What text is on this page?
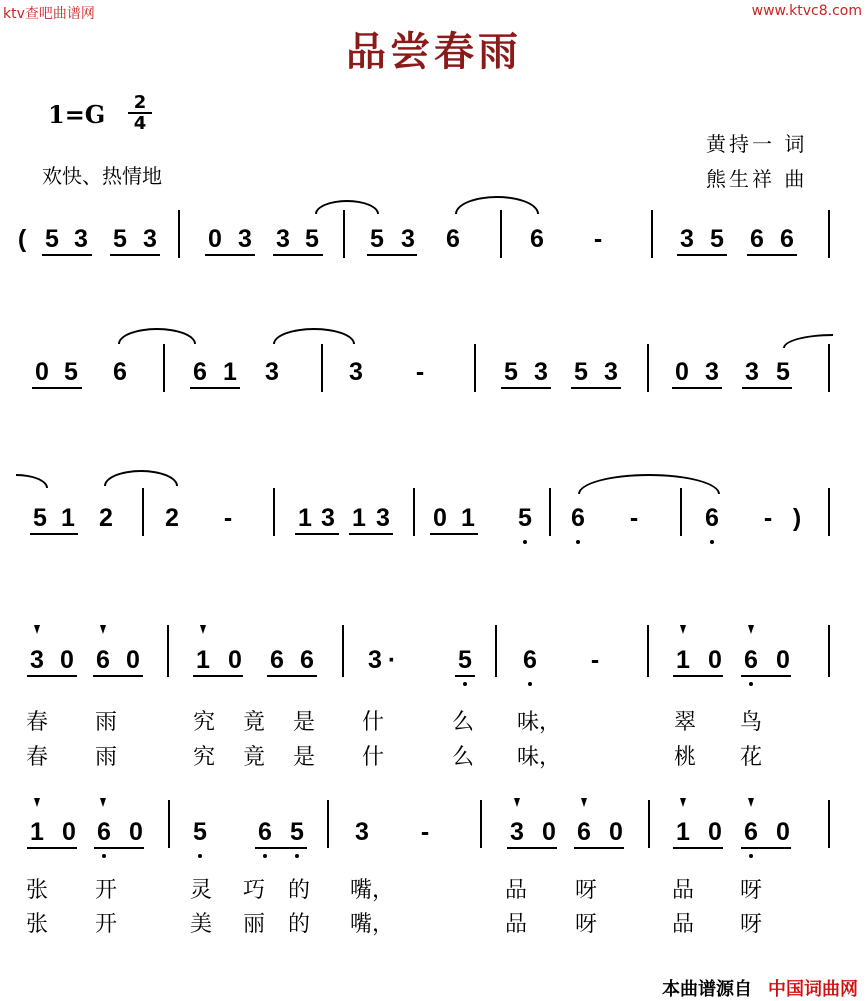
ktv查吧曲谱网	www.ktvc8.com
品尝春雨
1=G	2
4
欢快、热情地
黄持一 词
熊生祥 曲
( 5 3 5 3 0 3 3 5 5 3 6	6 -	3 5 6 6
0 5 6	6 1 3	3 -	5 3 5 3 0 3 3 5
5 1 2 2 -	1 3 1 3 0 1 5 6 -	6 - )
3 0 6 0 1 0 6 6 3 · 5 6 -	1 0 6 0
春 雨	究 竟 是 什	么 味，	翠 鸟
春 雨	究 竟 是 什	么 味，	桃 花
1 0 6 0 5 6 5 3 -	3 0 6 0 1 0 6 0
张 开	灵 巧 的 嘴，	品 呀	品 呀
张 开	美 丽 的 嘴，	品 呀	品 呀
本曲谱源自 中国词曲网
